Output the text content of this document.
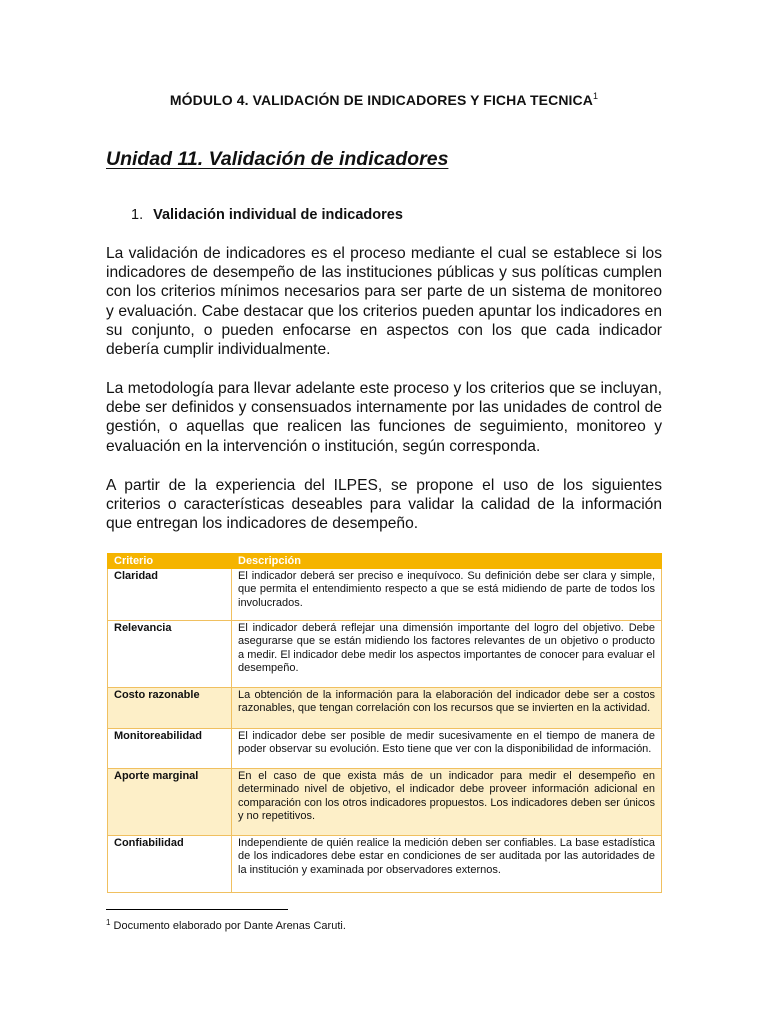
MÓDULO 4. VALIDACIÓN DE INDICADORES Y FICHA TECNICA$^1$
Unidad 11. Validación de indicadores
1. Validación individual de indicadores

La validación de indicadores es el proceso mediante el cual se establece si los indicadores de desempeño de las instituciones públicas y sus políticas cumplen con los criterios mínimos necesarios para ser parte de un sistema de monitoreo y evaluación. Cabe destacar que los criterios pueden apuntar los indicadores en su conjunto, o pueden enfocarse en aspectos con los que cada indicador debería cumplir individualmente.

La metodología para llevar adelante este proceso y los criterios que se incluyan, debe ser definidos y consensuados internamente por las unidades de control de gestión, o aquellas que realicen las funciones de seguimiento, monitoreo y evaluación en la intervención o institución, según corresponda.

A partir de la experiencia del ILPES, se propone el uso de los siguientes criterios o características deseables para validar la calidad de la información que entregan los indicadores de desempeño.

Criterio	Descripción
Claridad	El indicador deberá ser preciso e inequívoco. Su definición debe ser clara y simple, que permita el entendimiento respecto a que se está midiendo de parte de todos los involucrados.
Relevancia	El indicador deberá reflejar una dimensión importante del logro del objetivo. Debe asegurarse que se están midiendo los factores relevantes de un objetivo o producto a medir. El indicador debe medir los aspectos importantes de conocer para evaluar el desempeño.
Costo razonable	La obtención de la información para la elaboración del indicador debe ser a costos razonables, que tengan correlación con los recursos que se invierten en la actividad.
Monitoreabilidad	El indicador debe ser posible de medir sucesivamente en el tiempo de manera de poder observar su evolución. Esto tiene que ver con la disponibilidad de información.
Aporte marginal	En el caso de que exista más de un indicador para medir el desempeño en determinado nivel de objetivo, el indicador debe proveer información adicional en comparación con los otros indicadores propuestos. Los indicadores deben ser únicos y no repetitivos.
Confiabilidad	Independiente de quién realice la medición deben ser confiables. La base estadística de los indicadores debe estar en condiciones de ser auditada por las autoridades de la institución y examinada por observadores externos.
$^1$ Documento elaborado por Dante Arenas Caruti.
